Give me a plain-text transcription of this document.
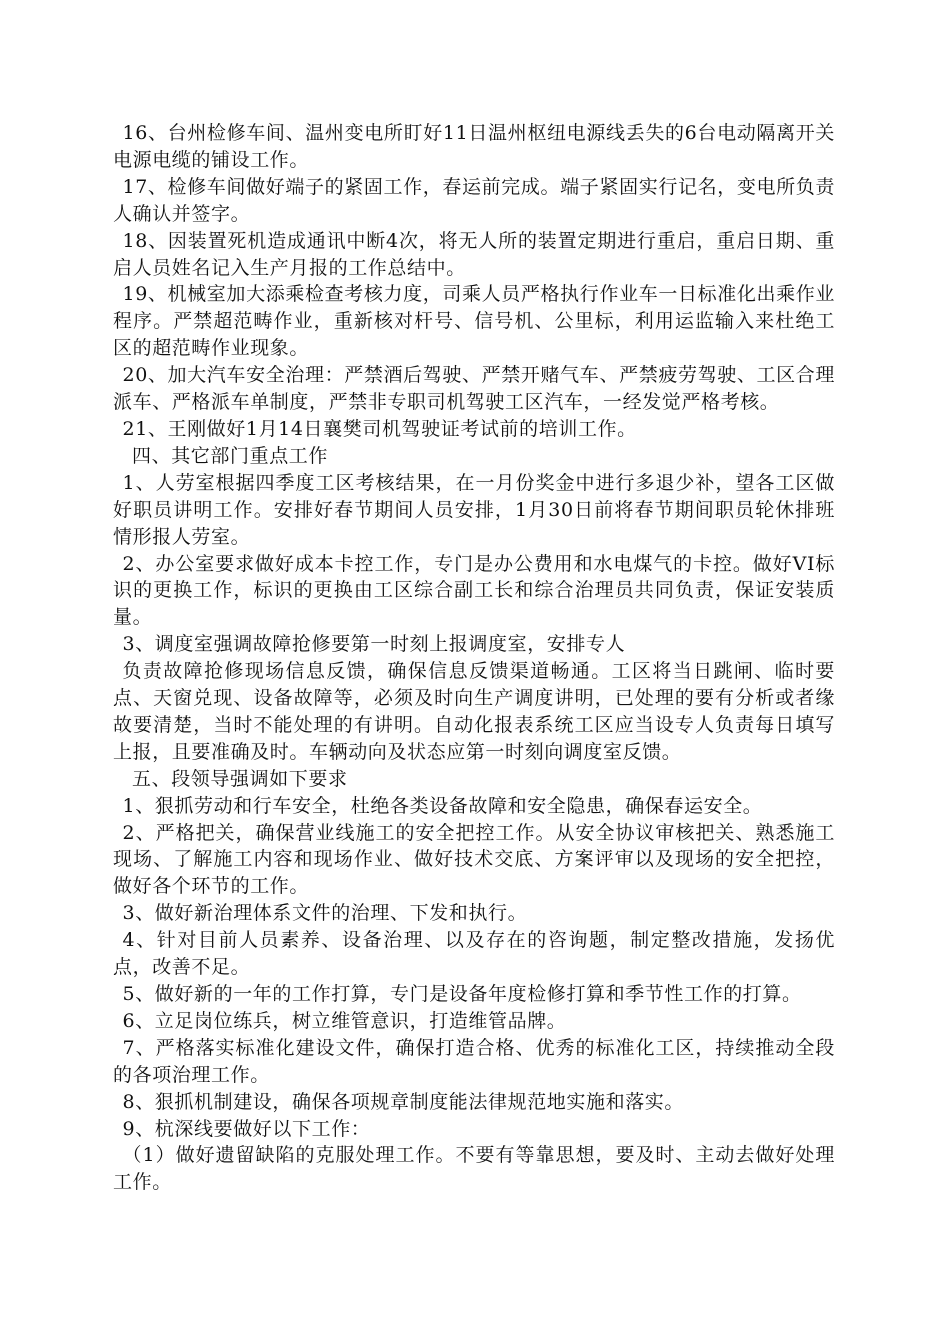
16、台州检修车间、温州变电所盯好11日温州枢纽电源线丢失的6台电动隔离开关电源电缆的铺设工作。

17、检修车间做好端子的紧固工作，春运前完成。端子紧固实行记名，变电所负责人确认并签字。

18、因装置死机造成通讯中断4次，将无人所的装置定期进行重启，重启日期、重启人员姓名记入生产月报的工作总结中。

19、机械室加大添乘检查考核力度，司乘人员严格执行作业车一日标准化出乘作业程序。严禁超范畴作业，重新核对杆号、信号机、公里标，利用运监输入来杜绝工区的超范畴作业现象。

20、加大汽车安全治理：严禁酒后驾驶、严禁开赌气车、严禁疲劳驾驶、工区合理派车、严格派车单制度，严禁非专职司机驾驶工区汽车，一经发觉严格考核。

21、王刚做好1月14日襄樊司机驾驶证考试前的培训工作。

四、其它部门重点工作

1、人劳室根据四季度工区考核结果，在一月份奖金中进行多退少补，望各工区做好职员讲明工作。安排好春节期间人员安排，1月30日前将春节期间职员轮休排班情形报人劳室。

2、办公室要求做好成本卡控工作，专门是办公费用和水电煤气的卡控。做好VI标识的更换工作，标识的更换由工区综合副工长和综合治理员共同负责，保证安装质量。

3、调度室强调故障抢修要第一时刻上报调度室，安排专人

负责故障抢修现场信息反馈，确保信息反馈渠道畅通。工区将当日跳闸、临时要点、天窗兑现、设备故障等，必须及时向生产调度讲明，已处理的要有分析或者缘故要清楚，当时不能处理的有讲明。自动化报表系统工区应当设专人负责每日填写上报，且要准确及时。车辆动向及状态应第一时刻向调度室反馈。

五、段领导强调如下要求

1、狠抓劳动和行车安全，杜绝各类设备故障和安全隐患，确保春运安全。

2、严格把关，确保营业线施工的安全把控工作。从安全协议审核把关、熟悉施工现场、了解施工内容和现场作业、做好技术交底、方案评审以及现场的安全把控，做好各个环节的工作。

3、做好新治理体系文件的治理、下发和执行。

4、针对目前人员素养、设备治理、以及存在的咨询题，制定整改措施，发扬优点，改善不足。

5、做好新的一年的工作打算，专门是设备年度检修打算和季节性工作的打算。

6、立足岗位练兵，树立维管意识，打造维管品牌。

7、严格落实标准化建设文件，确保打造合格、优秀的标准化工区，持续推动全段的各项治理工作。

8、狠抓机制建设，确保各项规章制度能法律规范地实施和落实。

9、杭深线要做好以下工作：

（1）做好遗留缺陷的克服处理工作。不要有等靠思想，要及时、主动去做好处理工作。
